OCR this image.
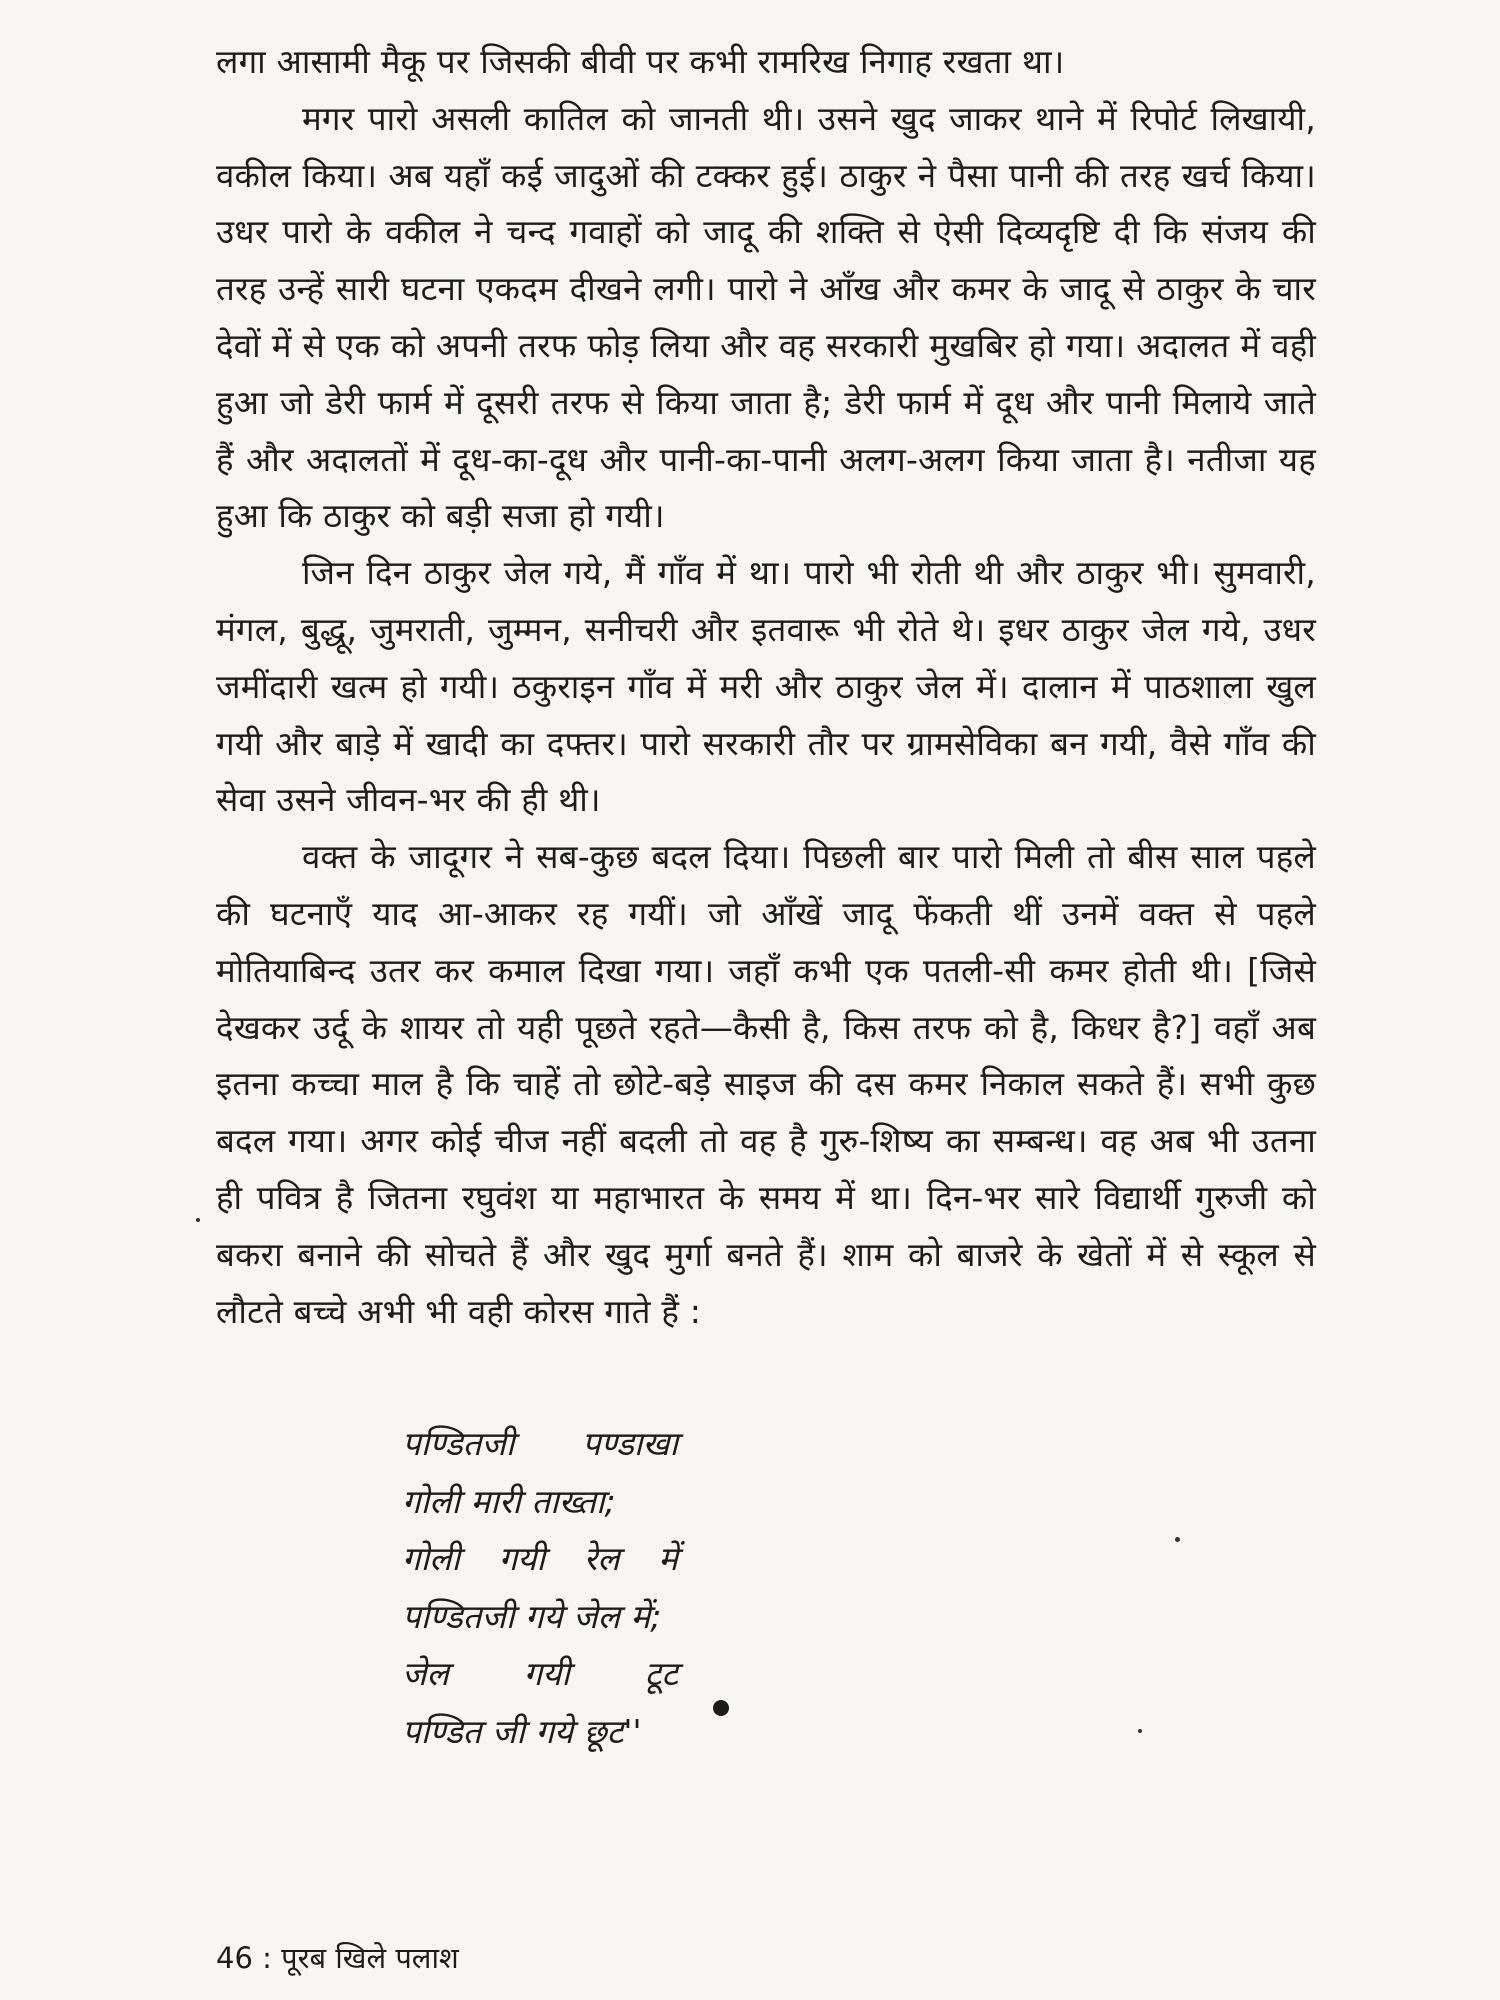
लगा आसामी मैकू पर जिसकी बीवी पर कभी रामरिख निगाह रखता था।

मगर पारो असली कातिल को जानती थी। उसने खुद जाकर थाने में रिपोर्ट लिखायी, वकील किया। अब यहाँ कई जादुओं की टक्कर हुई। ठाकुर ने पैसा पानी की तरह खर्च किया। उधर पारो के वकील ने चन्द गवाहों को जादू की शक्ति से ऐसी दिव्यदृष्टि दी कि संजय की तरह उन्हें सारी घटना एकदम दीखने लगी। पारो ने आँख और कमर के जादू से ठाकुर के चार देवों में से एक को अपनी तरफ फोड़ लिया और वह सरकारी मुखबिर हो गया। अदालत में वही हुआ जो डेरी फार्म में दूसरी तरफ से किया जाता है; डेरी फार्म में दूध और पानी मिलाये जाते हैं और अदालतों में दूध-का-दूध और पानी-का-पानी अलग-अलग किया जाता है। नतीजा यह हुआ कि ठाकुर को बड़ी सजा हो गयी।

जिन दिन ठाकुर जेल गये, मैं गाँव में था। पारो भी रोती थी और ठाकुर भी। सुमवारी, मंगल, बुद्धू, जुमराती, जुम्मन, सनीचरी और इतवारू भी रोते थे। इधर ठाकुर जेल गये, उधर जमींदारी खत्म हो गयी। ठकुराइन गाँव में मरी और ठाकुर जेल में। दालान में पाठशाला खुल गयी और बाड़े में खादी का दफ्तर। पारो सरकारी तौर पर ग्रामसेविका बन गयी, वैसे गाँव की सेवा उसने जीवन-भर की ही थी।

वक्त के जादूगर ने सब-कुछ बदल दिया। पिछली बार पारो मिली तो बीस साल पहले की घटनाएँ याद आ-आकर रह गयीं। जो आँखें जादू फेंकती थीं उनमें वक्त से पहले मोतियाबिन्द उतर कर कमाल दिखा गया। जहाँ कभी एक पतली-सी कमर होती थी। [जिसे देखकर उर्दू के शायर तो यही पूछते रहते—कैसी है, किस तरफ को है, किधर है?] वहाँ अब इतना कच्चा माल है कि चाहें तो छोटे-बड़े साइज की दस कमर निकाल सकते हैं। सभी कुछ बदल गया। अगर कोई चीज नहीं बदली तो वह है गुरु-शिष्य का सम्बन्ध। वह अब भी उतना ही पवित्र है जितना रघुवंश या महाभारत के समय में था। दिन-भर सारे विद्यार्थी गुरुजी को बकरा बनाने की सोचते हैं और खुद मुर्गा बनते हैं। शाम को बाजरे के खेतों में से स्कूल से लौटते बच्चे अभी भी वही कोरस गाते हैं :

पण्डितजी पण्डाखा
गोली मारी ताख्ता;
गोली गयी रेल में
पण्डितजी गये जेल में;
जेल गयी टूट
पण्डित जी गये छूट''
46 : पूरब खिले पलाश
